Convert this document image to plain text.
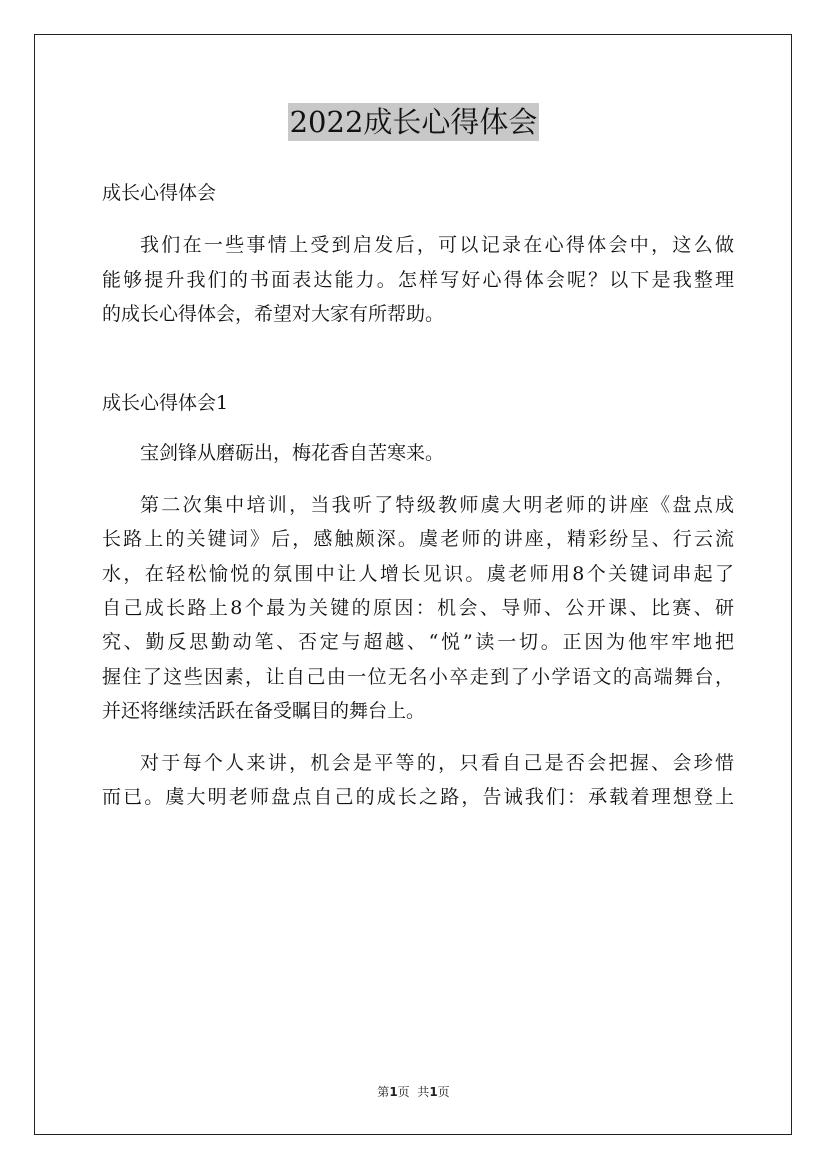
2022成长心得体会
成长心得体会
我们在一些事情上受到启发后，可以记录在心得体会中，这么做
能够提升我们的书面表达能力。怎样写好心得体会呢？以下是我整理
的成长心得体会，希望对大家有所帮助。
成长心得体会1
宝剑锋从磨砺出，梅花香自苦寒来。
第二次集中培训，当我听了特级教师虞大明老师的讲座《盘点成
长路上的关键词》后，感触颇深。虞老师的讲座，精彩纷呈、行云流
水，在轻松愉悦的氛围中让人增长见识。虞老师用8个关键词串起了
自己成长路上8个最为关键的原因：机会、导师、公开课、比赛、研
究、勤反思勤动笔、否定与超越、“悦”读一切。正因为他牢牢地把
握住了这些因素，让自己由一位无名小卒走到了小学语文的高端舞台，
并还将继续活跃在备受瞩目的舞台上。
对于每个人来讲，机会是平等的，只看自己是否会把握、会珍惜
而已。虞大明老师盘点自己的成长之路，告诫我们：承载着理想登上
第1页  共1页
